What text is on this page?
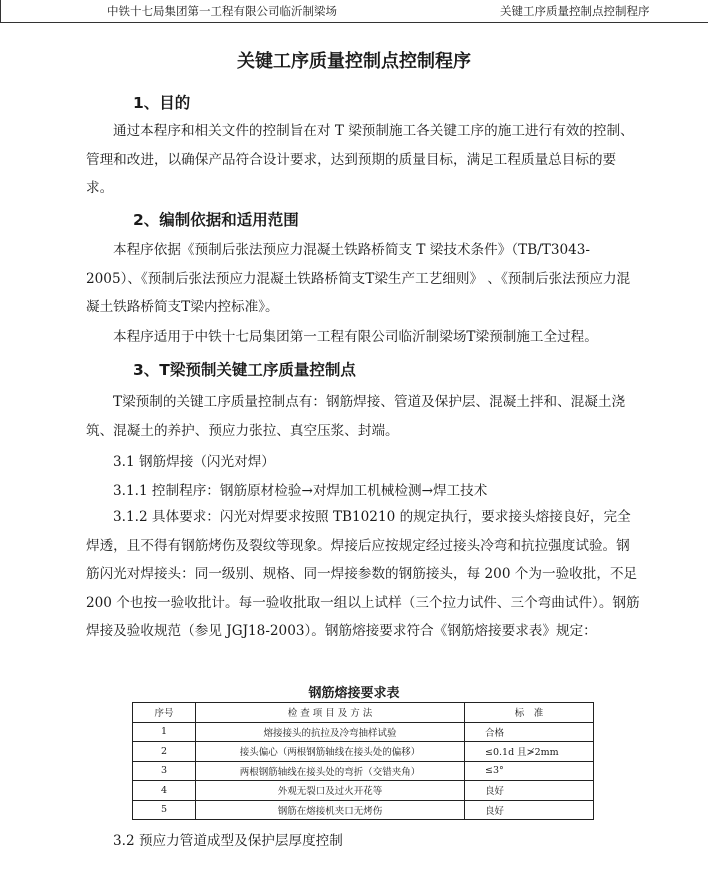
中铁十七局集团第一工程有限公司临沂制梁场	关键工序质量控制点控制程序
关键工序质量控制点控制程序
1、目的
通过本程序和相关文件的控制旨在对 T 梁预制施工各关键工序的施工进行有效的控制、管理和改进，以确保产品符合设计要求，达到预期的质量目标，满足工程质量总目标的要求。
2、编制依据和适用范围
本程序依据《预制后张法预应力混凝土铁路桥简支 T 梁技术条件》（TB/T3043-2005）、《预制后张法预应力混凝土铁路桥简支T梁生产工艺细则》 、《预制后张法预应力混凝土铁路桥简支T梁内控标准》。
本程序适用于中铁十七局集团第一工程有限公司临沂制梁场T梁预制施工全过程。
3、T梁预制关键工序质量控制点
T梁预制的关键工序质量控制点有：钢筋焊接、管道及保护层、混凝土拌和、混凝土浇筑、混凝土的养护、预应力张拉、真空压浆、封端。
3.1 钢筋焊接（闪光对焊）
3.1.1 控制程序：钢筋原材检验→对焊加工机械检测→焊工技术
3.1.2 具体要求：闪光对焊要求按照 TB10210 的规定执行，要求接头熔接良好，完全焊透，且不得有钢筋烤伤及裂纹等现象。焊接后应按规定经过接头冷弯和抗拉强度试验。钢筋闪光对焊接头：同一级别、规格、同一焊接参数的钢筋接头，每 200 个为一验收批，不足 200 个也按一验收批计。每一验收批取一组以上试样（三个拉力试件、三个弯曲试件）。钢筋焊接及验收规范（参见 JGJ18-2003）。钢筋熔接要求符合《钢筋熔接要求表》规定：
钢筋熔接要求表
序号	检 查 项 目 及 方 法	标　准
1	熔接接头的抗拉及冷弯抽样试验	合格
2	接头偏心（两根钢筋轴线在接头处的偏移）	≤0.1d 且≯2mm
3	两根钢筋轴线在接头处的弯折（交错夹角）	≤3°
4	外观无裂口及过火开花等	良好
5	钢筋在熔接机夹口无烤伤	良好
3.2 预应力管道成型及保护层厚度控制
